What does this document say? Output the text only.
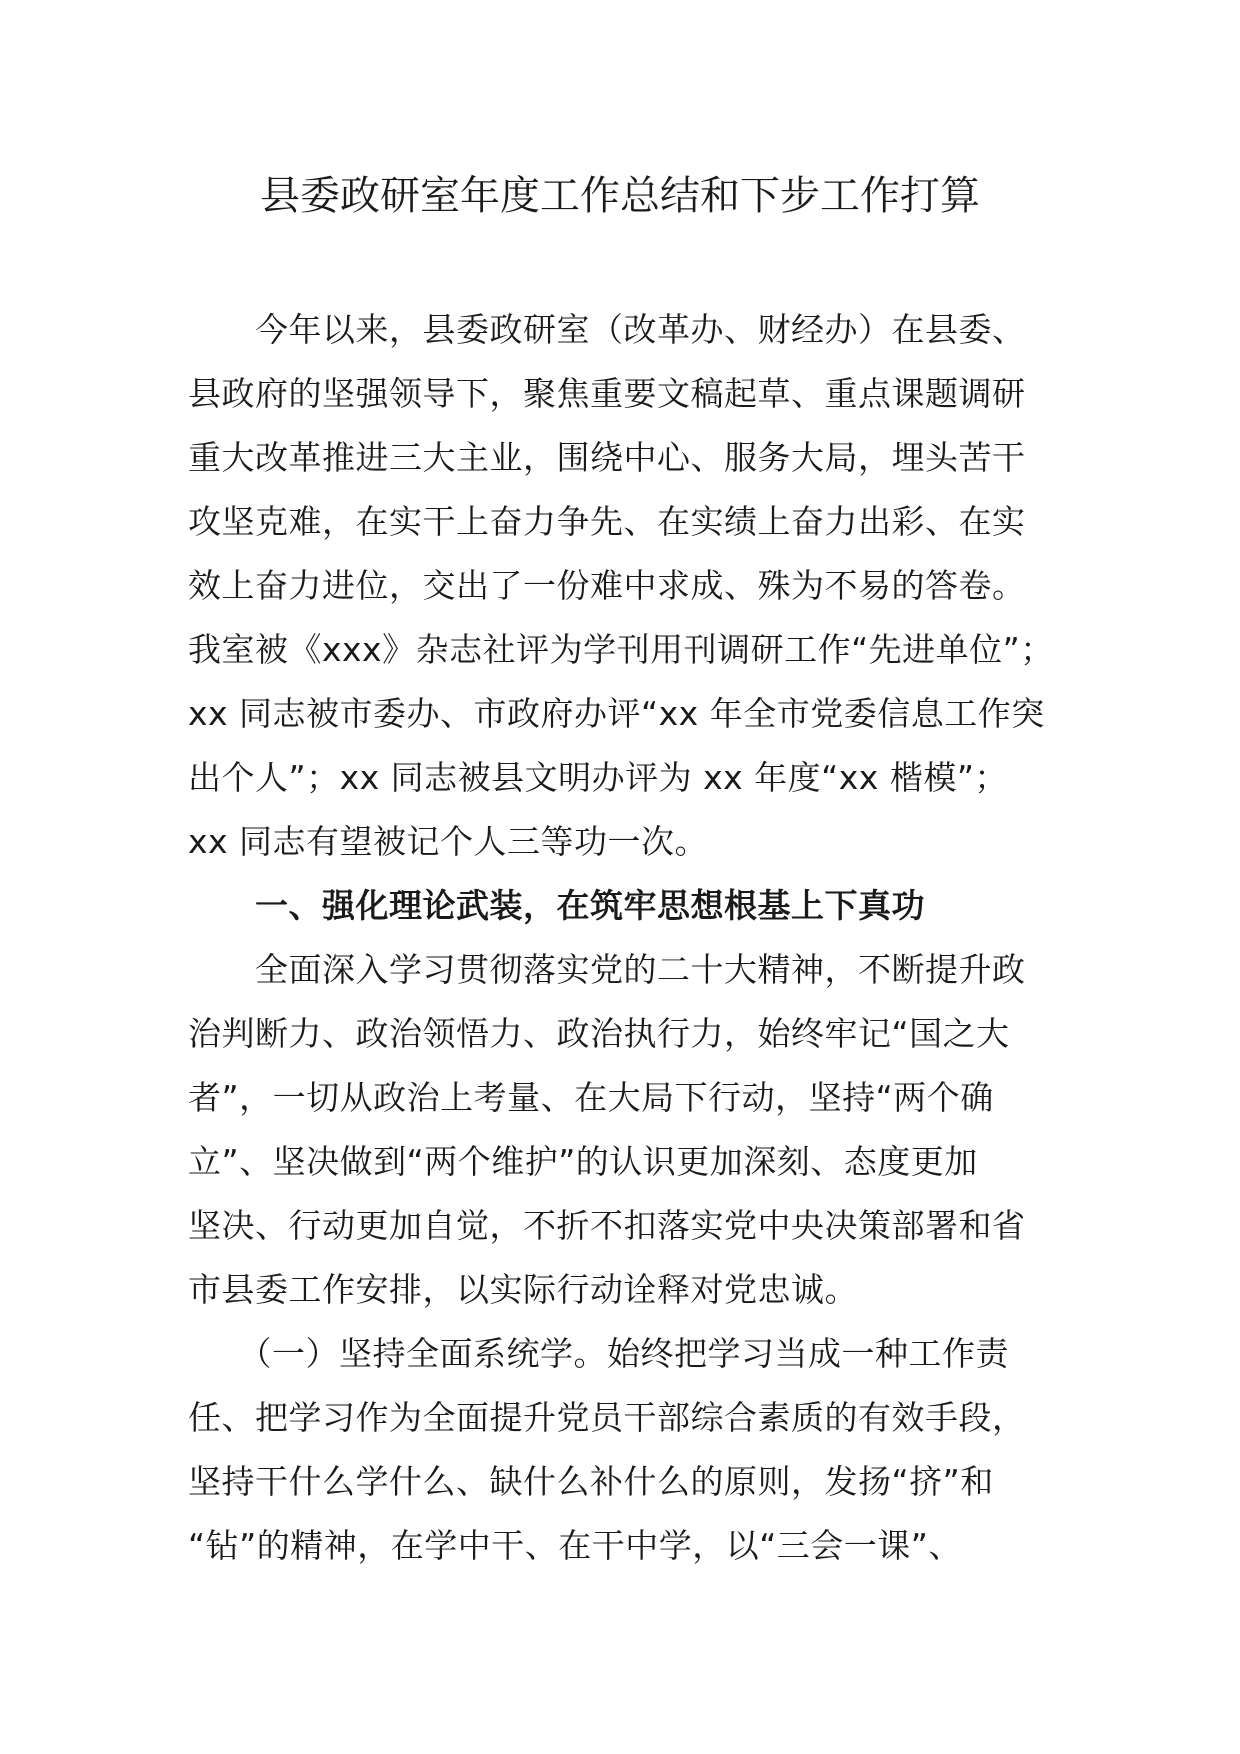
县委政研室年度工作总结和下步工作打算
　　今年以来，县委政研室（改革办、财经办）在县委、
县政府的坚强领导下，聚焦重要文稿起草、重点课题调研
重大改革推进三大主业，围绕中心、服务大局，埋头苦干
攻坚克难，在实干上奋力争先、在实绩上奋力出彩、在实
效上奋力进位，交出了一份难中求成、殊为不易的答卷。
我室被《xxx》杂志社评为学刊用刊调研工作“先进单位”；
xx 同志被市委办、市政府办评“xx 年全市党委信息工作突
出个人”；xx 同志被县文明办评为 xx 年度“xx 楷模”；
xx 同志有望被记个人三等功一次。
　　一、强化理论武装，在筑牢思想根基上下真功
　　全面深入学习贯彻落实党的二十大精神，不断提升政
治判断力、政治领悟力、政治执行力，始终牢记“国之大
者”，一切从政治上考量、在大局下行动，坚持“两个确
立”、坚决做到“两个维护”的认识更加深刻、态度更加
坚决、行动更加自觉，不折不扣落实党中央决策部署和省
市县委工作安排，以实际行动诠释对党忠诚。
　　（一）坚持全面系统学。始终把学习当成一种工作责
任、把学习作为全面提升党员干部综合素质的有效手段，
坚持干什么学什么、缺什么补什么的原则，发扬“挤”和
“钻”的精神，在学中干、在干中学，以“三会一课”、
